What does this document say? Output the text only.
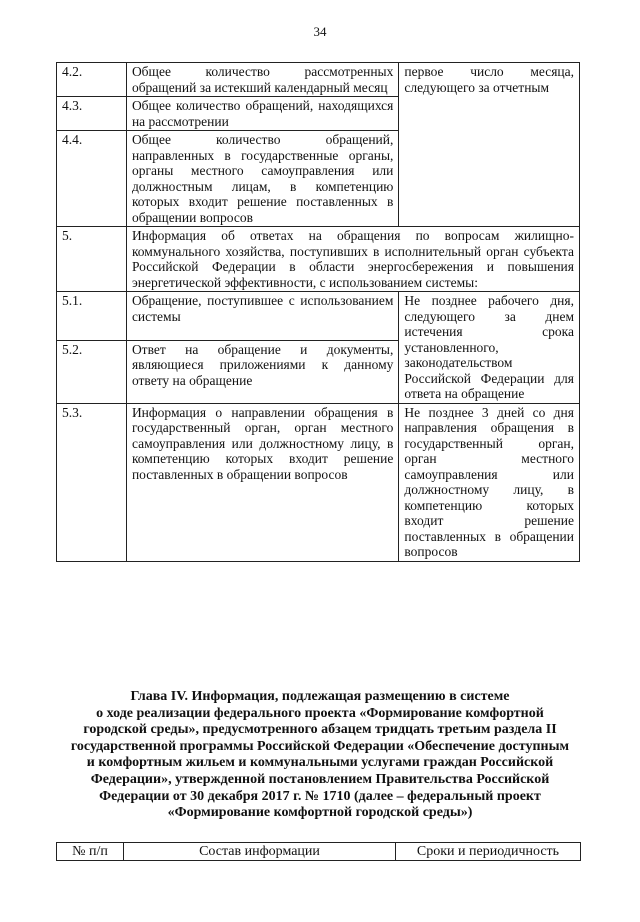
34
4.2.	Общее количество рассмотренных обращений за истекший календарный месяц	первое число месяца, следующего за отчетным
4.3.	Общее количество обращений, находящихся на рассмотрении	
4.4.	Общее количество обращений, направленных в государственные органы, органы местного самоуправления или должностным лицам, в компетенцию которых входит решение поставленных в обращении вопросов	
5.	Информация об ответах на обращения по вопросам жилищно-коммунального хозяйства, поступивших в исполнительный орган субъекта Российской Федерации в области энергосбережения и повышения энергетической эффективности, с использованием системы:	
5.1.	Обращение, поступившее с использованием системы	Не позднее рабочего дня, следующего за днем истечения срока установленного, законодательством Российской Федерации для ответа на обращение
5.2.	Ответ на обращение и документы, являющиеся приложениями к данному ответу на обращение	
5.3.	Информация о направлении обращения в государственный орган, орган местного самоуправления или должностному лицу, в компетенцию которых входит решение поставленных в обращении вопросов	Не позднее 3 дней со дня направления обращения в государственный орган, орган местного самоуправления или должностному лицу, в компетенцию которых входит решение поставленных в обращении вопросов
Глава IV. Информация, подлежащая размещению в системе
о ходе реализации федерального проекта «Формирование комфортной
городской среды», предусмотренного абзацем тридцать третьим раздела II
государственной программы Российской Федерации «Обеспечение доступным
и комфортным жильем и коммунальными услугами граждан Российской
Федерации», утвержденной постановлением Правительства Российской
Федерации от 30 декабря 2017 г. № 1710 (далее – федеральный проект
«Формирование комфортной городской среды»)
№ п/п	Состав информации	Сроки и периодичность
